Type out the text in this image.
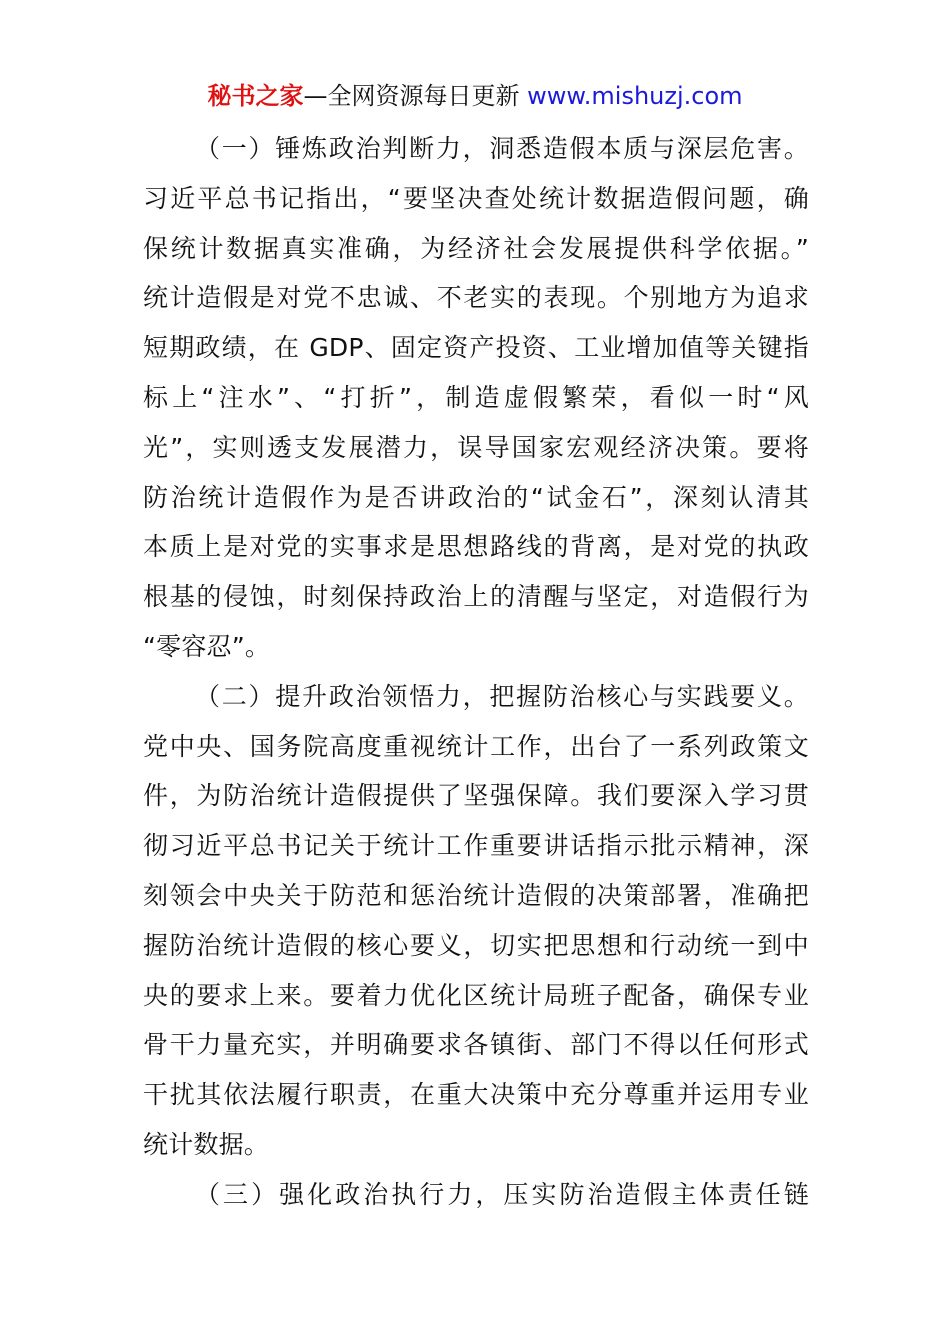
秘书之家—全网资源每日更新 www.mishuzj.com
（一）锤炼政治判断力，洞悉造假本质与深层危害。
习近平总书记指出，“要坚决查处统计数据造假问题，确
保统计数据真实准确，为经济社会发展提供科学依据。”
统计造假是对党不忠诚、不老实的表现。个别地方为追求
短期政绩，在 GDP、固定资产投资、工业增加值等关键指
标上“注水”、“打折”，制造虚假繁荣，看似一时“风
光”，实则透支发展潜力，误导国家宏观经济决策。要将
防治统计造假作为是否讲政治的“试金石”，深刻认清其
本质上是对党的实事求是思想路线的背离，是对党的执政
根基的侵蚀，时刻保持政治上的清醒与坚定，对造假行为
“零容忍”。
（二）提升政治领悟力，把握防治核心与实践要义。
党中央、国务院高度重视统计工作，出台了一系列政策文
件，为防治统计造假提供了坚强保障。我们要深入学习贯
彻习近平总书记关于统计工作重要讲话指示批示精神，深
刻领会中央关于防范和惩治统计造假的决策部署，准确把
握防治统计造假的核心要义，切实把思想和行动统一到中
央的要求上来。要着力优化区统计局班子配备，确保专业
骨干力量充实，并明确要求各镇街、部门不得以任何形式
干扰其依法履行职责，在重大决策中充分尊重并运用专业
统计数据。
（三）强化政治执行力，压实防治造假主体责任链
